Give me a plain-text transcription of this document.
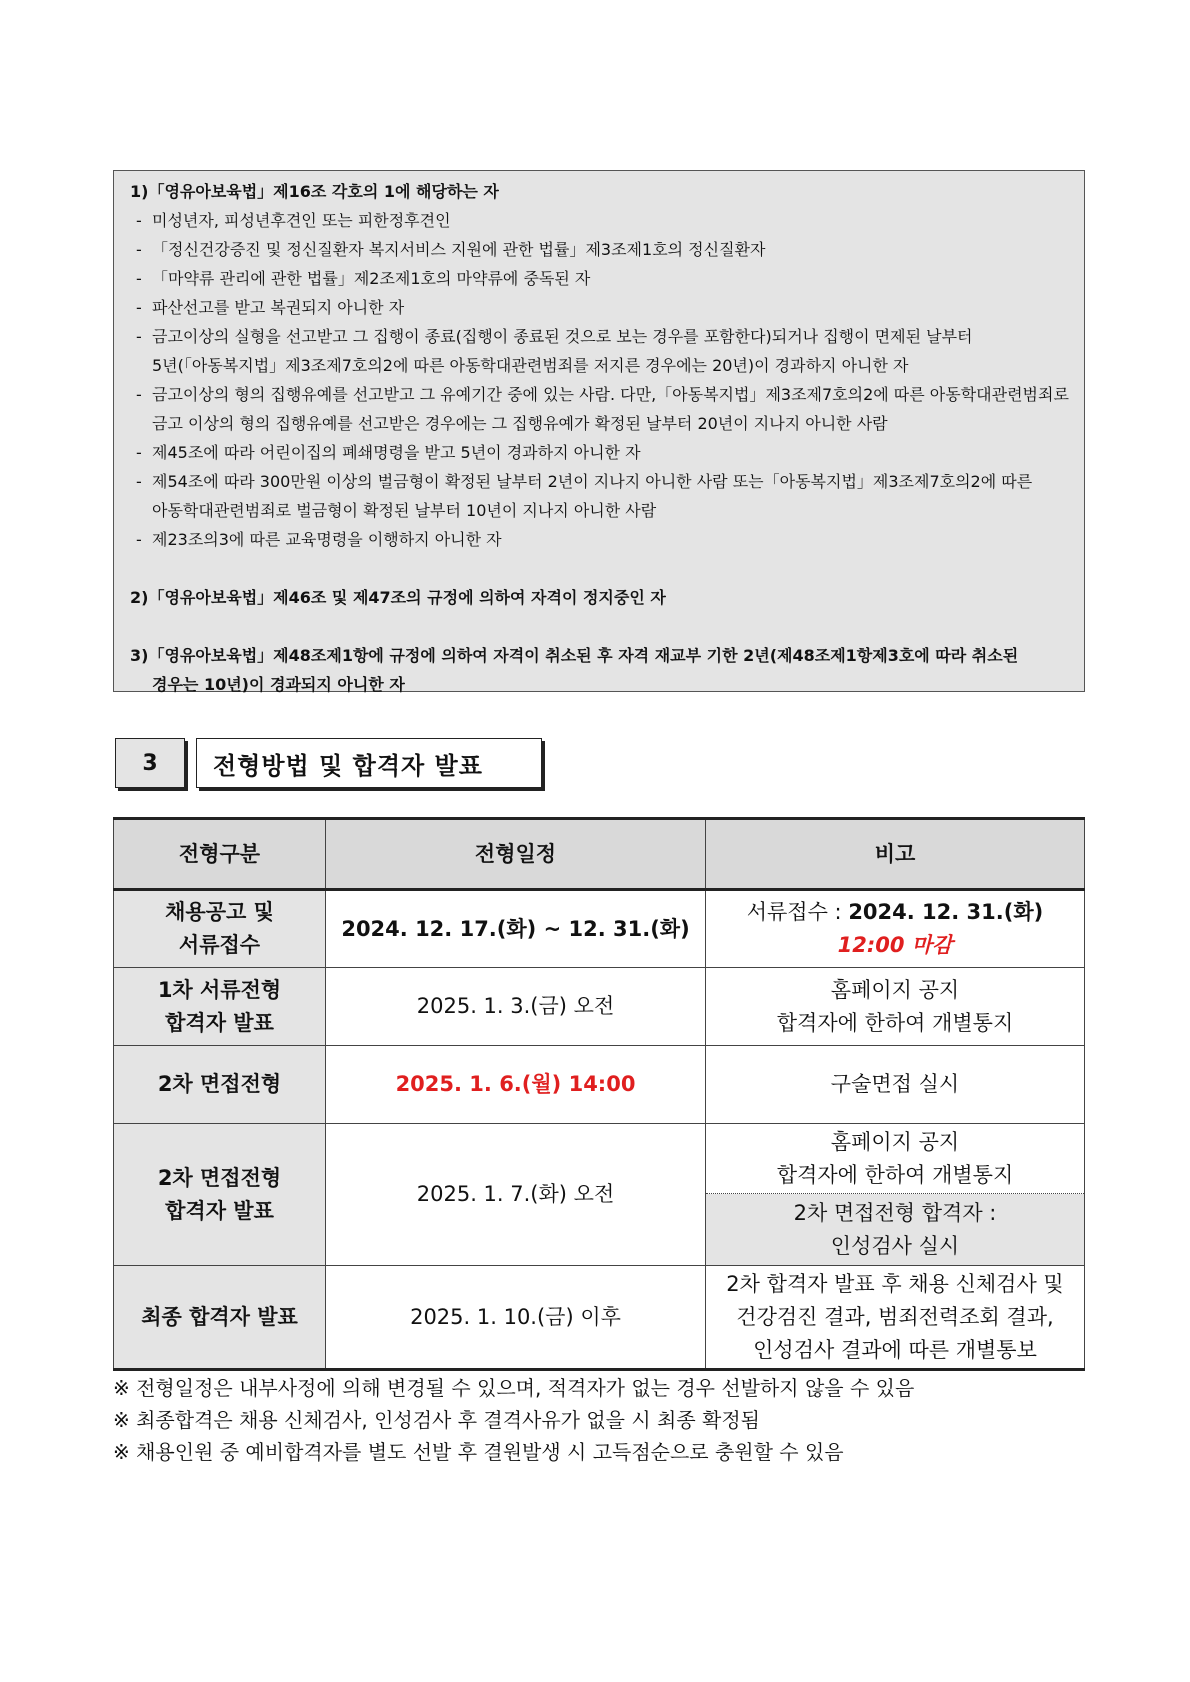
1)「영유아보육법」제16조 각호의 1에 해당하는 자
- 미성년자, 피성년후견인 또는 피한정후견인
- 「정신건강증진 및 정신질환자 복지서비스 지원에 관한 법률」제3조제1호의 정신질환자
- 「마약류 관리에 관한 법률」제2조제1호의 마약류에 중독된 자
- 파산선고를 받고 복권되지 아니한 자
- 금고이상의 실형을 선고받고 그 집행이 종료(집행이 종료된 것으로 보는 경우를 포함한다)되거나 집행이 면제된 날부터
5년(「아동복지법」제3조제7호의2에 따른 아동학대관련범죄를 저지른 경우에는 20년)이 경과하지 아니한 자
- 금고이상의 형의 집행유예를 선고받고 그 유예기간 중에 있는 사람. 다만,「아동복지법」제3조제7호의2에 따른 아동학대관련범죄로
금고 이상의 형의 집행유예를 선고받은 경우에는 그 집행유예가 확정된 날부터 20년이 지나지 아니한 사람
- 제45조에 따라 어린이집의 폐쇄명령을 받고 5년이 경과하지 아니한 자
- 제54조에 따라 300만원 이상의 벌금형이 확정된 날부터 2년이 지나지 아니한 사람 또는「아동복지법」제3조제7호의2에 따른
아동학대관련범죄로 벌금형이 확정된 날부터 10년이 지나지 아니한 사람
- 제23조의3에 따른 교육명령을 이행하지 아니한 자
2)「영유아보육법」제46조 및 제47조의 규정에 의하여 자격이 정지중인 자
3)「영유아보육법」제48조제1항에 규정에 의하여 자격이 취소된 후 자격 재교부 기한 2년(제48조제1항제3호에 따라 취소된
경우는 10년)이 경과되지 아니한 자
3	전형방법 및 합격자 발표
전형구분	전형일정	비고
채용공고 및
서류접수	2024. 12. 17.(화) ~ 12. 31.(화)	서류접수 : 2024. 12. 31.(화)
12:00 마감
1차 서류전형
합격자 발표	2025. 1. 3.(금) 오전	홈페이지 공지
합격자에 한하여 개별통지
2차 면접전형	2025. 1. 6.(월) 14:00	구술면접 실시
2차 면접전형
합격자 발표	2025. 1. 7.(화) 오전	홈페이지 공지
합격자에 한하여 개별통지
		2차 면접전형 합격자 :
인성검사 실시
최종 합격자 발표	2025. 1. 10.(금) 이후	2차 합격자 발표 후 채용 신체검사 및
건강검진 결과, 범죄전력조회 결과,
인성검사 결과에 따른 개별통보
※ 전형일정은 내부사정에 의해 변경될 수 있으며, 적격자가 없는 경우 선발하지 않을 수 있음
※ 최종합격은 채용 신체검사, 인성검사 후 결격사유가 없을 시 최종 확정됨
※ 채용인원 중 예비합격자를 별도 선발 후 결원발생 시 고득점순으로 충원할 수 있음
